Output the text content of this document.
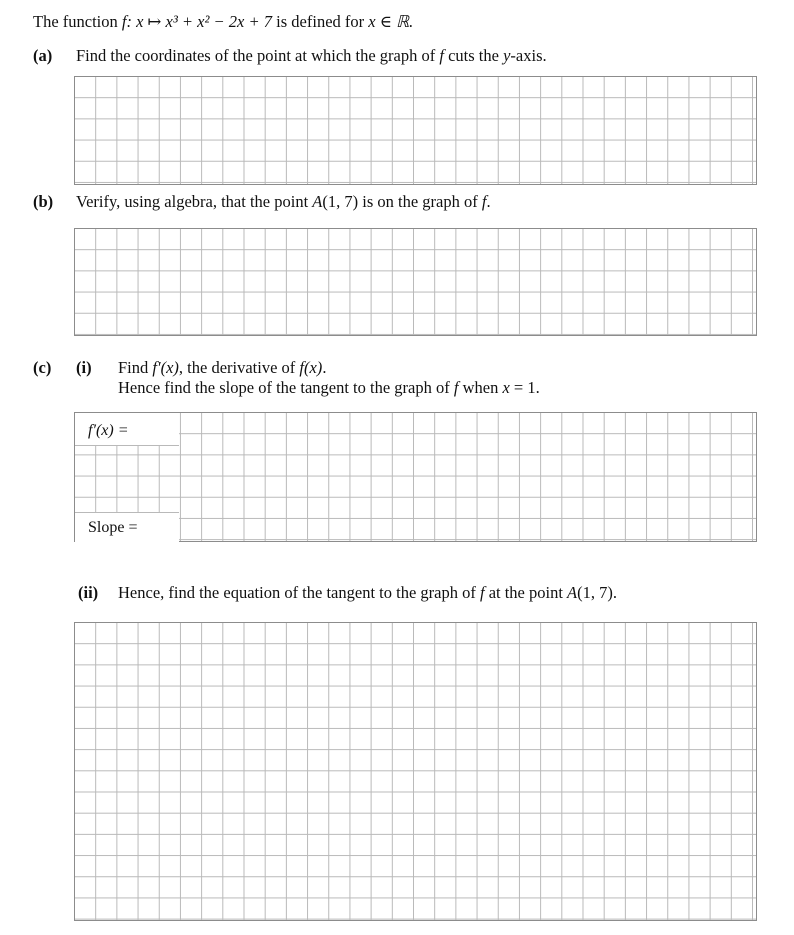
The function f: x ↦ x³ + x² − 2x + 7 is defined for x ∈ ℝ.
(a) Find the coordinates of the point at which the graph of f cuts the y-axis.
(b) Verify, using algebra, that the point A(1, 7) is on the graph of f.
(c) (i) Find f′(x), the derivative of f(x).
Hence find the slope of the tangent to the graph of f when x = 1.
f′(x) =
Slope =
(ii) Hence, find the equation of the tangent to the graph of f at the point A(1, 7).
